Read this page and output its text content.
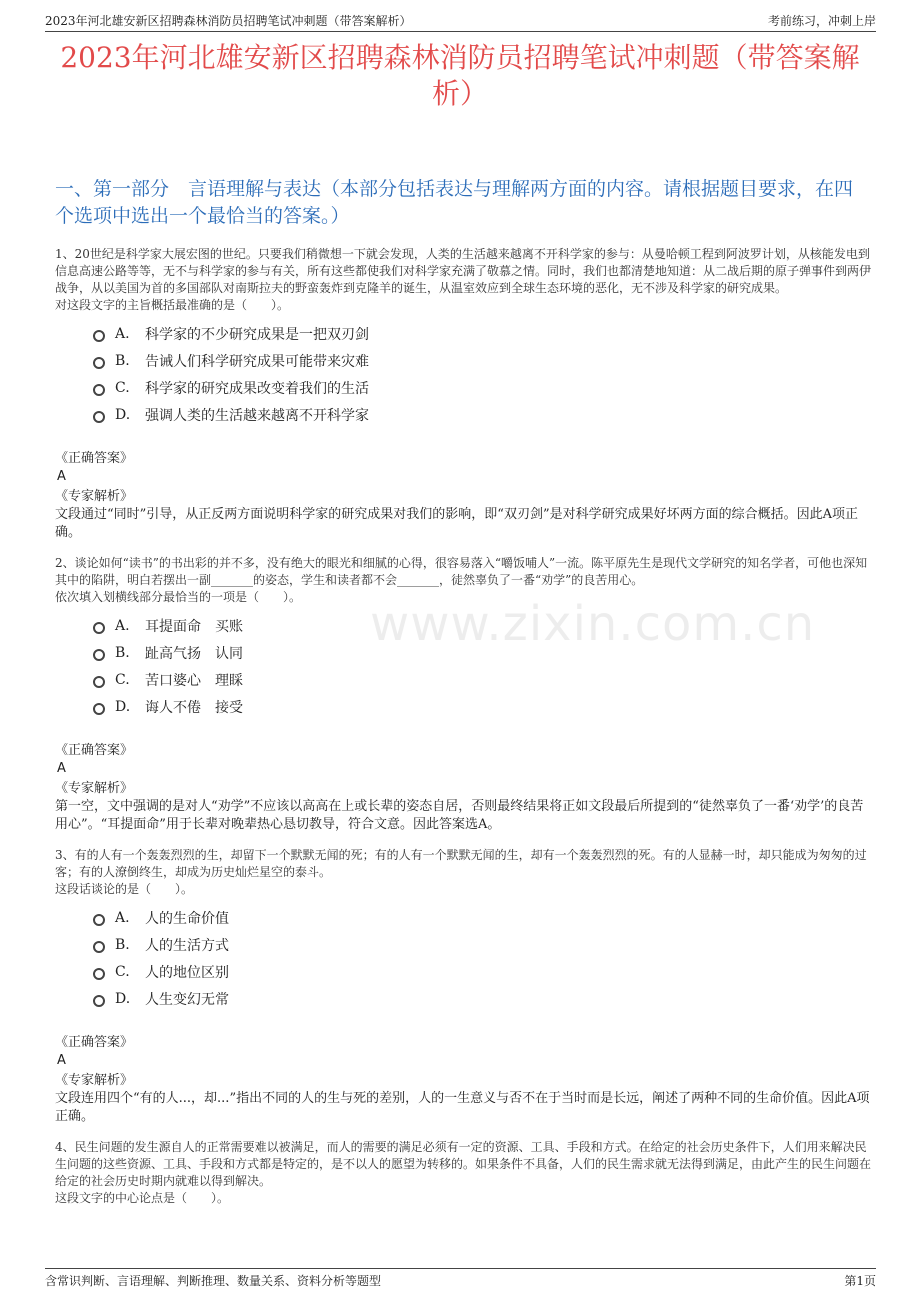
2023年河北雄安新区招聘森林消防员招聘笔试冲刺题（带答案解析）	考前练习，冲刺上岸
2023年河北雄安新区招聘森林消防员招聘笔试冲刺题（带答案解析）
一、第一部分　言语理解与表达（本部分包括表达与理解两方面的内容。请根据题目要求，在四个选项中选出一个最恰当的答案。）
www.zixin.com.cn

1、20世纪是科学家大展宏图的世纪。只要我们稍微想一下就会发现，人类的生活越来越离不开科学家的参与：从曼哈顿工程到阿波罗计划，从核能发电到信息高速公路等等，无不与科学家的参与有关，所有这些都使我们对科学家充满了敬慕之情。同时，我们也都清楚地知道：从二战后期的原子弹事件到两伊战争，从以美国为首的多国部队对南斯拉夫的野蛮轰炸到克隆羊的诞生，从温室效应到全球生态环境的恶化，无不涉及科学家的研究成果。

对这段文字的主旨概括最准确的是（　　）。

A.	科学家的不少研究成果是一把双刃剑
B.	告诫人们科学研究成果可能带来灾难
C.	科学家的研究成果改变着我们的生活
D.	强调人类的生活越来越离不开科学家

《正确答案》

A

《专家解析》

文段通过“同时”引导，从正反两方面说明科学家的研究成果对我们的影响，即“双刃剑”是对科学研究成果好坏两方面的综合概括。因此A项正确。

2、谈论如何“读书”的书出彩的并不多，没有绝大的眼光和细腻的心得，很容易落入“嚼饭哺人”一流。陈平原先生是现代文学研究的知名学者，可他也深知其中的陷阱，明白若摆出一副_______的姿态，学生和读者都不会_______，徒然辜负了一番“劝学”的良苦用心。

依次填入划横线部分最恰当的一项是（　　）。

A.	耳提面命　买账
B.	趾高气扬　认同
C.	苦口婆心　理睬
D.	诲人不倦　接受

《正确答案》

A

《专家解析》

第一空，文中强调的是对人“劝学”不应该以高高在上或长辈的姿态自居，否则最终结果将正如文段最后所提到的“徒然辜负了一番‘劝学’的良苦用心”。“耳提面命”用于长辈对晚辈热心恳切教导，符合文意。因此答案选A。

3、有的人有一个轰轰烈烈的生，却留下一个默默无闻的死；有的人有一个默默无闻的生，却有一个轰轰烈烈的死。有的人显赫一时，却只能成为匆匆的过客；有的人潦倒终生，却成为历史灿烂星空的泰斗。

这段话谈论的是（　　）。

A.	人的生命价值
B.	人的生活方式
C.	人的地位区别
D.	人生变幻无常

《正确答案》

A

《专家解析》

文段连用四个“有的人...，却...”指出不同的人的生与死的差别，人的一生意义与否不在于当时而是长远，阐述了两种不同的生命价值。因此A项正确。

4、民生问题的发生源自人的正常需要难以被满足，而人的需要的满足必须有一定的资源、工具、手段和方式。在给定的社会历史条件下，人们用来解决民生问题的这些资源、工具、手段和方式都是特定的，是不以人的愿望为转移的。如果条件不具备，人们的民生需求就无法得到满足，由此产生的民生问题在给定的社会历史时期内就难以得到解决。

这段文字的中心论点是（　　）。

含常识判断、言语理解、判断推理、数量关系、资料分析等题型	第1页
